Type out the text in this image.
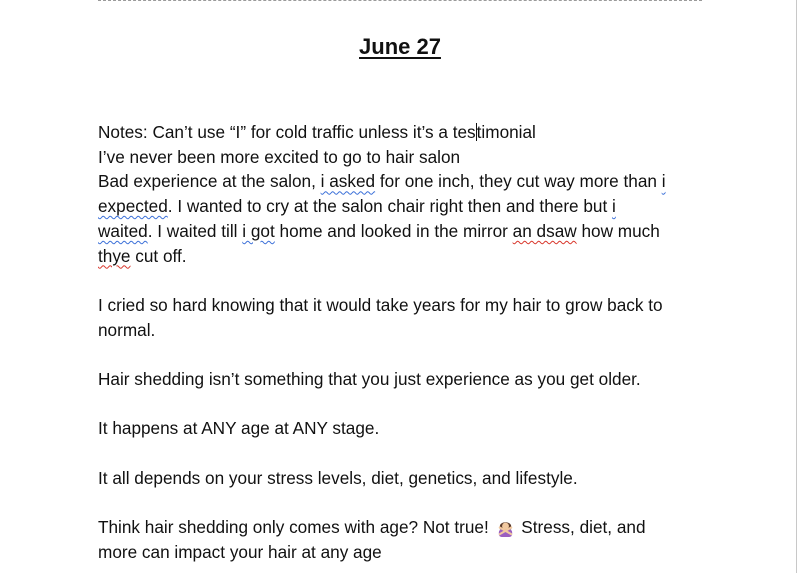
June 27
Notes: Can’t use “I” for cold traffic unless it’s a testimonial
I’ve never been more excited to go to hair salon
Bad experience at the salon, i asked for one inch, they cut way more than i
expected. I wanted to cry at the salon chair right then and there but i
waited. I waited till i got home and looked in the mirror an dsaw how much
thye cut off.
I cried so hard knowing that it would take years for my hair to grow back to
normal.
Hair shedding isn’t something that you just experience as you get older.
It happens at ANY age at ANY stage.
It all depends on your stress levels, diet, genetics, and lifestyle.
Think hair shedding only comes with age? Not true!  Stress, diet, and
more can impact your hair at any age
